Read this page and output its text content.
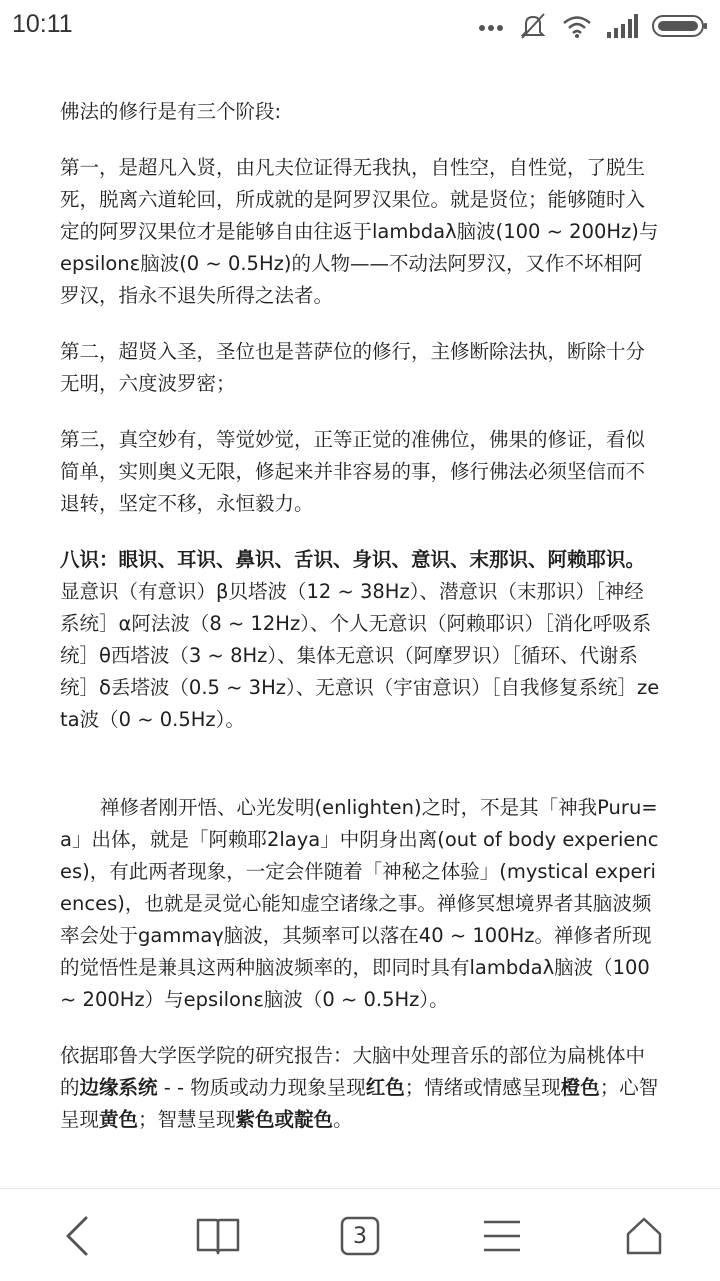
10:11

佛法的修行是有三个阶段:

第一，是超凡入贤，由凡夫位证得无我执，自性空，自性觉，了脱生死，脱离六道轮回，所成就的是阿罗汉果位。就是贤位；能够随时入定的阿罗汉果位才是能够自由往返于lambdaλ脑波(100 ~ 200Hz)与epsilonε脑波(0 ~ 0.5Hz)的人物——不动法阿罗汉，又作不坏相阿罗汉，指永不退失所得之法者。

第二，超贤入圣，圣位也是菩萨位的修行，主修断除法执，断除十分无明，六度波罗密；

第三，真空妙有，等觉妙觉，正等正觉的准佛位，佛果的修证，看似简单，实则奥义无限，修起来并非容易的事，修行佛法必须坚信而不退转，坚定不移，永恒毅力。

八识：眼识、耳识、鼻识、舌识、身识、意识、末那识、阿赖耶识。显意识（有意识）β贝塔波（12 ~ 38Hz）、潜意识（末那识）［神经系统］α阿法波（8 ~ 12Hz）、个人无意识（阿赖耶识）［消化呼吸系统］θ西塔波（3 ~ 8Hz）、集体无意识（阿摩罗识）［循环、代谢系统］δ丢塔波（0.5 ~ 3Hz）、无意识（宇宙意识）［自我修复系统］zeta波（0 ~ 0.5Hz）。

禅修者刚开悟、心光发明(enlighten)之时，不是其「神我Puru=a」出体，就是「阿赖耶2laya」中阴身出离(out of body experiences)，有此两者现象，一定会伴随着「神秘之体验」(mystical experiences)，也就是灵觉心能知虚空诸缘之事。禅修冥想境界者其脑波频率会处于gammaγ脑波，其频率可以落在40 ~ 100Hz。禅修者所现的觉悟性是兼具这两种脑波频率的，即同时具有lambdaλ脑波（100 ~ 200Hz）与epsilonε脑波（0 ~ 0.5Hz）。

依据耶鲁大学医学院的研究报告：大脑中处理音乐的部位为扁桃体中的边缘系统 - - 物质或动力现象呈现红色；情绪或情感呈现橙色；心智呈现黄色；智慧呈现紫色或靛色。

3
